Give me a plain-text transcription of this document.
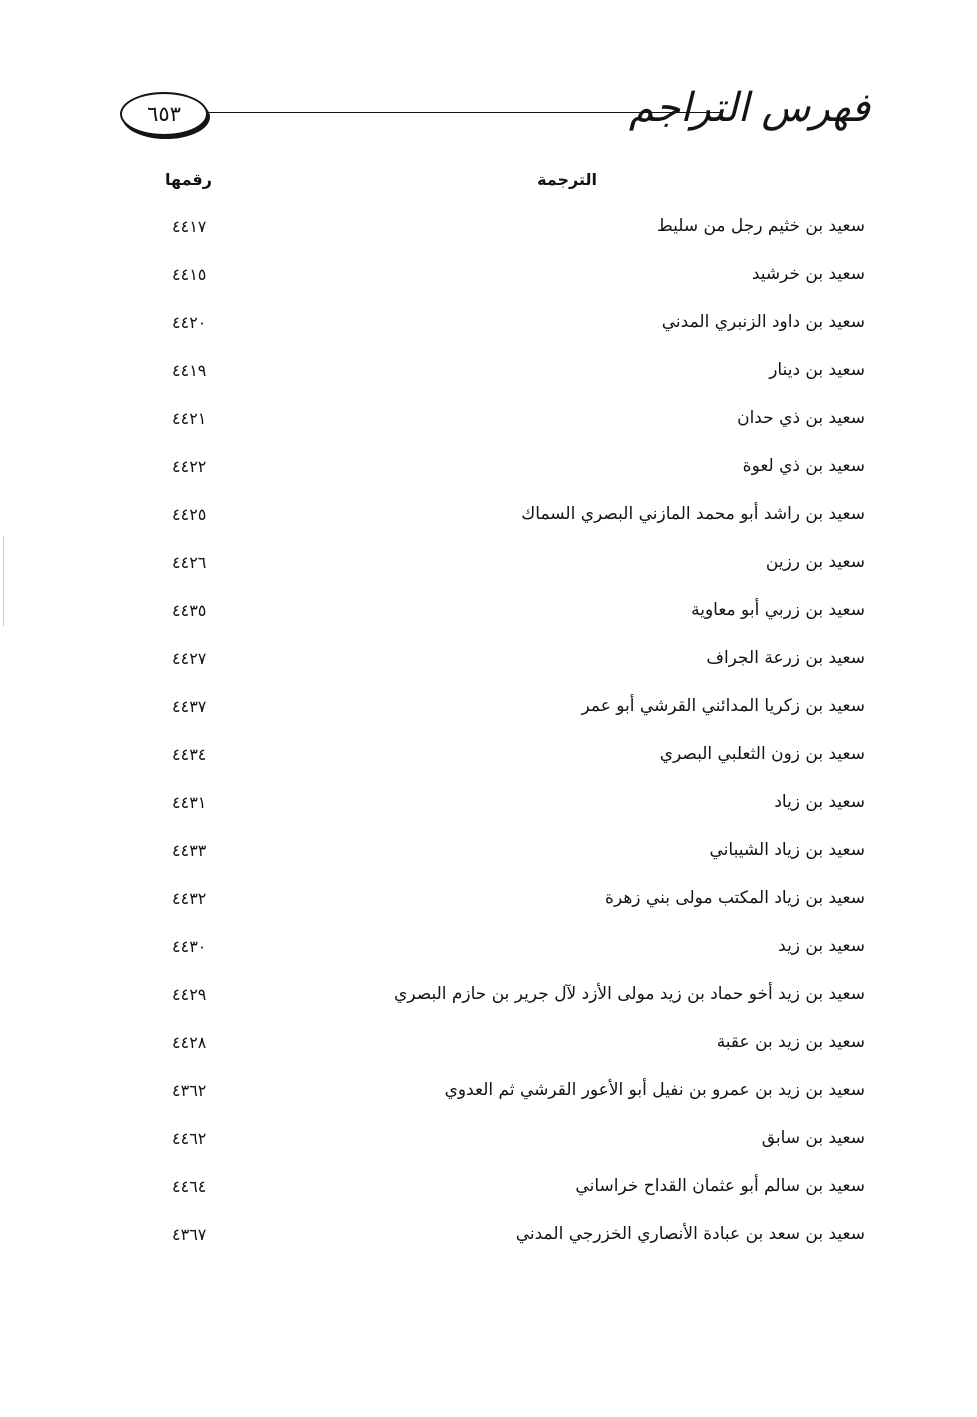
٦٥٣	فهرس التراجم
الترجمة
رقمها
سعيد بن خثيم رجل من سليط
٤٤١٧
سعيد بن خرشيد
٤٤١٥
سعيد بن داود الزنبري المدني
٤٤٢٠
سعيد بن دينار
٤٤١٩
سعيد بن ذي حدان
٤٤٢١
سعيد بن ذي لعوة
٤٤٢٢
سعيد بن راشد أبو محمد المازني البصري السماك
٤٤٢٥
سعيد بن رزين
٤٤٢٦
سعيد بن زربي أبو معاوية
٤٤٣٥
سعيد بن زرعة الجراف
٤٤٢٧
سعيد بن زكريا المدائني القرشي أبو عمر
٤٤٣٧
سعيد بن زون الثعلبي البصري
٤٤٣٤
سعيد بن زياد
٤٤٣١
سعيد بن زياد الشيباني
٤٤٣٣
سعيد بن زياد المكتب مولى بني زهرة
٤٤٣٢
سعيد بن زيد
٤٤٣٠
سعيد بن زيد أخو حماد بن زيد مولى الأزد لآل جرير بن حازم البصري
٤٤٢٩
سعيد بن زيد بن عقبة
٤٤٢٨
سعيد بن زيد بن عمرو بن نفيل أبو الأعور القرشي ثم العدوي
٤٣٦٢
سعيد بن سابق
٤٤٦٢
سعيد بن سالم أبو عثمان القداح خراساني
٤٤٦٤
سعيد بن سعد بن عبادة الأنصاري الخزرجي المدني
٤٣٦٧
